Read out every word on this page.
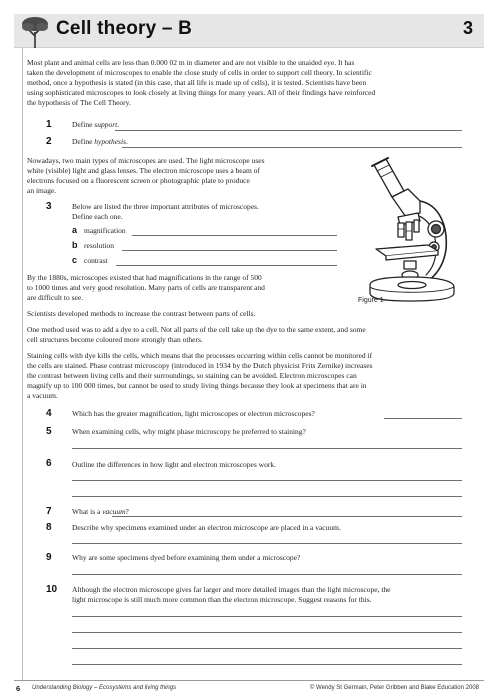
Cell theory – B	3
Most plant and animal cells are less than 0.000 02 m in diameter and are not visible to the unaided eye. It has
taken the development of microscopes to enable the close study of cells in order to support cell theory. In scientific
method, once a hypothesis is stated (in this case, that all life is made up of cells), it is tested. Scientists have been
using sophisticated microscopes to look closely at living things for many years. All of their findings have reinforced
the hypothesis of The Cell Theory.
1	Define support.
2	Define hypothesis.
Nowadays, two main types of microscopes are used. The light microscope uses
white (visible) light and glass lenses. The electron microscope uses a beam of
electrons focused on a fluorescent screen or photographic plate to produce
an image.
3	Below are listed the three important attributes of microscopes.
Define each one.
a magnification
b resolution
c contrast
Figure 1
By the 1880s, microscopes existed that had magnifications in the range of 500
to 1000 times and very good resolution. Many parts of cells are transparent and
are difficult to see.
Scientists developed methods to increase the contrast between parts of cells.
One method used was to add a dye to a cell. Not all parts of the cell take up the dye to the same extent, and some
cell structures become coloured more strongly than others.
Staining cells with dye kills the cells, which means that the processes occurring within cells cannot be monitored if
the cells are stained. Phase contrast microscopy (introduced in 1934 by the Dutch physicist Frits Zernike) increases
the contrast between living cells and their surroundings, so staining can be avoided. Electron microscopes can
magnify up to 100 000 times, but cannot be used to study living things because they look at specimens that are in
a vacuum.
4	Which has the greater magnification, light microscopes or electron microscopes?
5	When examining cells, why might phase microscopy be preferred to staining?
6	Outline the differences in how light and electron microscopes work.
7	What is a vacuum?
8	Describe why specimens examined under an electron microscope are placed in a vacuum.
9	Why are some specimens dyed before examining them under a microscope?
10 Although the electron microscope gives far larger and more detailed images than the light microscope, the
light microscope is still much more common than the electron microscope. Suggest reasons for this.
6 Understanding Biology – Ecosystems and living things	© Wendy St Germain, Peter Gribben and Blake Education 2008
